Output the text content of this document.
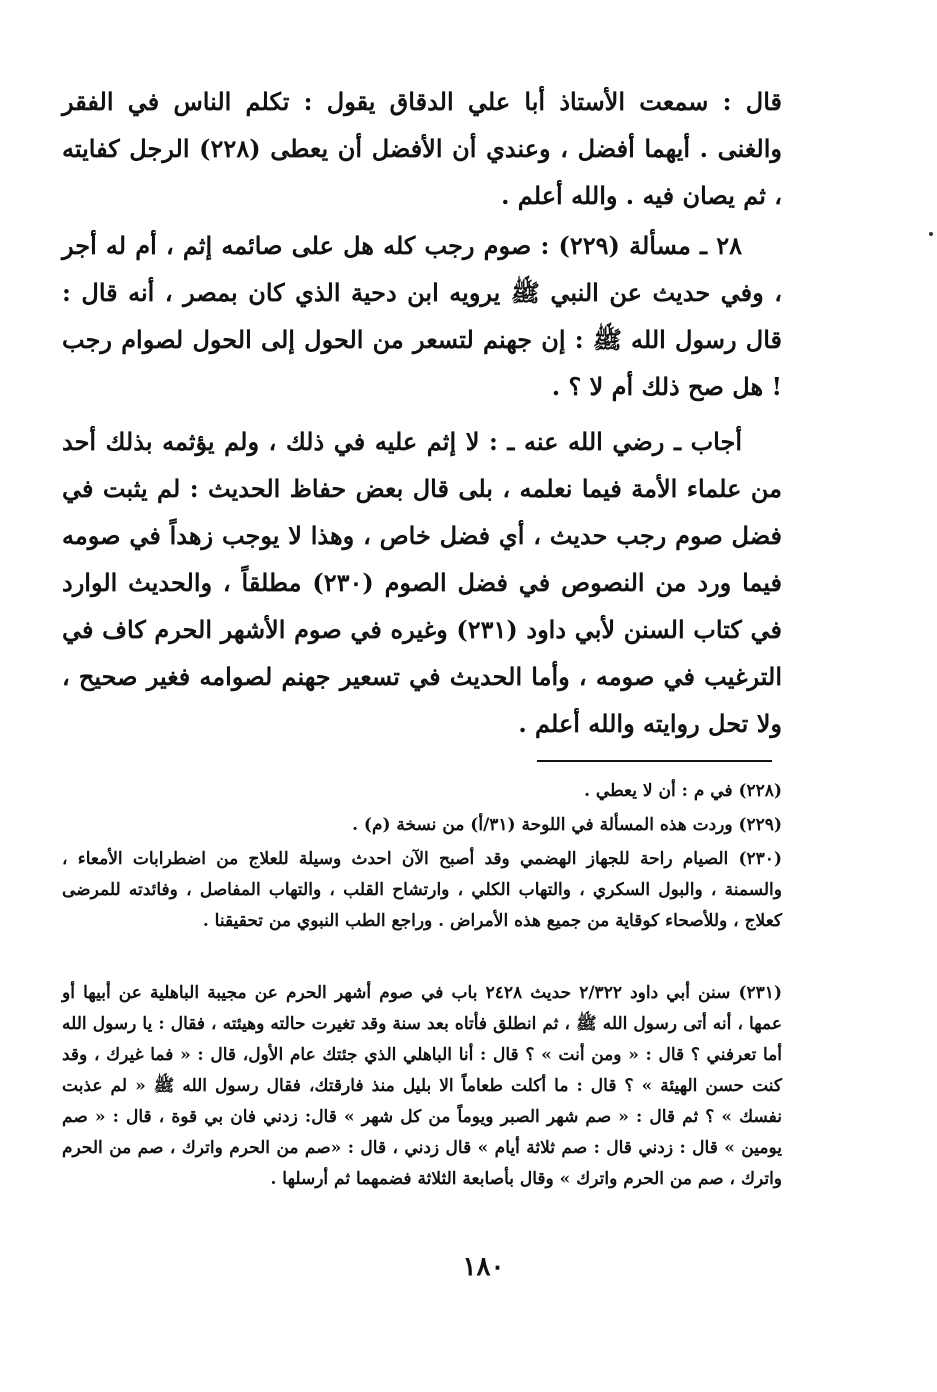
قال : سمعت الأستاذ أبا علي الدقاق يقول : تكلم الناس في الفقر والغنى . أيهما أفضل ، وعندي أن الأفضل أن يعطى (٢٢٨) الرجل كفايته ، ثم يصان فيه . والله أعلم .

٢٨ ـ مسألة (٢٢٩) : صوم رجب كله هل على صائمه إثم ، أم له أجر ، وفي حديث عن النبي ﷺ يرويه ابن دحية الذي كان بمصر ، أنه قال : قال رسول الله ﷺ : إن جهنم لتسعر من الحول إلى الحول لصوام رجب ! هل صح ذلك أم لا ؟ .

أجاب ـ رضي الله عنه ـ : لا إثم عليه في ذلك ، ولم يؤثمه بذلك أحد من علماء الأمة فيما نعلمه ، بلى قال بعض حفاظ الحديث : لم يثبت في فضل صوم رجب حديث ، أي فضل خاص ، وهذا لا يوجب زهداً في صومه فيما ورد من النصوص في فضل الصوم (٢٣٠) مطلقاً ، والحديث الوارد في كتاب السنن لأبي داود (٢٣١) وغيره في صوم الأشهر الحرم كاف في الترغيب في صومه ، وأما الحديث في تسعير جهنم لصوامه فغير صحيح ، ولا تحل روايته والله أعلم .

(٢٢٨) في م : أن لا يعطي .

(٢٢٩) وردت هذه المسألة في اللوحة (٣١/أ) من نسخة (م) .

(٢٣٠) الصيام راحة للجهاز الهضمي وقد أصبح الآن احدث وسيلة للعلاج من اضطرابات الأمعاء ، والسمنة ، والبول السكري ، والتهاب الكلي ، وارتشاح القلب ، والتهاب المفاصل ، وفائدته للمرضى كعلاج ، وللأصحاء كوقاية من جميع هذه الأمراض . وراجع الطب النبوي من تحقيقنا .

(٢٣١) سنن أبي داود ٢/٣٢٢ حديث ٢٤٢٨ باب في صوم أشهر الحرم عن مجيبة الباهلية عن أبيها أو عمها ، أنه أتى رسول الله ﷺ ، ثم انطلق فأتاه بعد سنة وقد تغيرت حالته وهيئته ، فقال : يا رسول الله أما تعرفني ؟ قال : « ومن أنت » ؟ قال : أنا الباهلي الذي جئتك عام الأول، قال : « فما غيرك ، وقد كنت حسن الهيئة » ؟ قال : ما أكلت طعاماً الا بليل منذ فارقتك، فقال رسول الله ﷺ « لم عذبت نفسك » ؟ ثم قال : « صم شهر الصبر ويوماً من كل شهر » قال: زدني فان بي قوة ، قال : « صم يومين » قال : زدني قال : صم ثلاثة أيام » قال زدني ، قال : «صم من الحرم واترك ، صم من الحرم واترك ، صم من الحرم واترك » وقال بأصابعة الثلاثة فضمهما ثم أرسلها .

١٨٠
